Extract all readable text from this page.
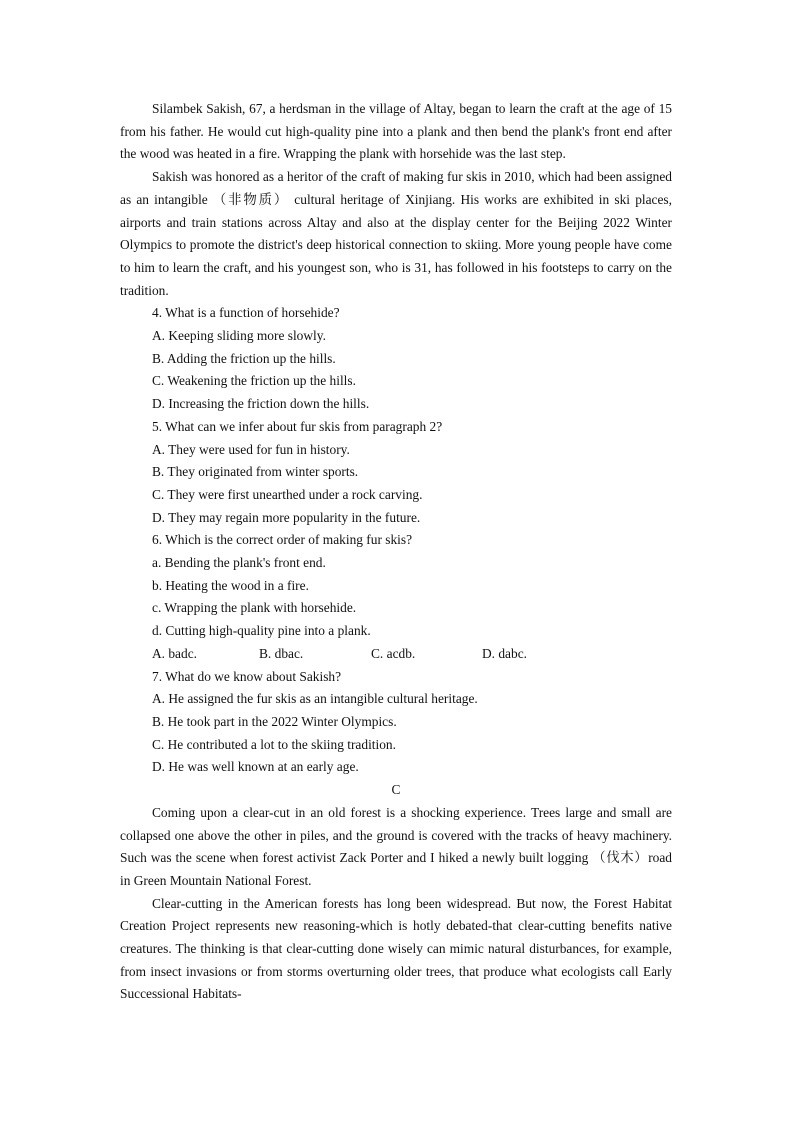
Silambek Sakish, 67, a herdsman in the village of Altay, began to learn the craft at the age of 15 from his father. He would cut high-quality pine into a plank and then bend the plank's front end after the wood was heated in a fire. Wrapping the plank with horsehide was the last step.

Sakish was honored as a heritor of the craft of making fur skis in 2010, which had been assigned as an intangible （非物质） cultural heritage of Xinjiang. His works are exhibited in ski places, airports and train stations across Altay and also at the display center for the Beijing 2022 Winter Olympics to promote the district's deep historical connection to skiing. More young people have come to him to learn the craft, and his youngest son, who is 31, has followed in his footsteps to carry on the tradition.

4. What is a function of horsehide?

A. Keeping sliding more slowly.

B. Adding the friction up the hills.

C. Weakening the friction up the hills.

D. Increasing the friction down the hills.

5. What can we infer about fur skis from paragraph 2?

A. They were used for fun in history.

B. They originated from winter sports.

C. They were first unearthed under a rock carving.

D. They may regain more popularity in the future.

6. Which is the correct order of making fur skis?

a. Bending the plank's front end.

b. Heating the wood in a fire.

c. Wrapping the plank with horsehide.

d. Cutting high-quality pine into a plank.

A. badc.	B. dbac.	C. acdb.	D. dabc.

7. What do we know about Sakish?

A. He assigned the fur skis as an intangible cultural heritage.

B. He took part in the 2022 Winter Olympics.

C. He contributed a lot to the skiing tradition.

D. He was well known at an early age.

C

Coming upon a clear-cut in an old forest is a shocking experience. Trees large and small are collapsed one above the other in piles, and the ground is covered with the tracks of heavy machinery. Such was the scene when forest activist Zack Porter and I hiked a newly built logging （伐木）road in Green Mountain National Forest.

Clear-cutting in the American forests has long been widespread. But now, the Forest Habitat Creation Project represents new reasoning-which is hotly debated-that clear-cutting benefits native creatures. The thinking is that clear-cutting done wisely can mimic natural disturbances, for example, from insect invasions or from storms overturning older trees, that produce what ecologists call Early Successional Habitats-
